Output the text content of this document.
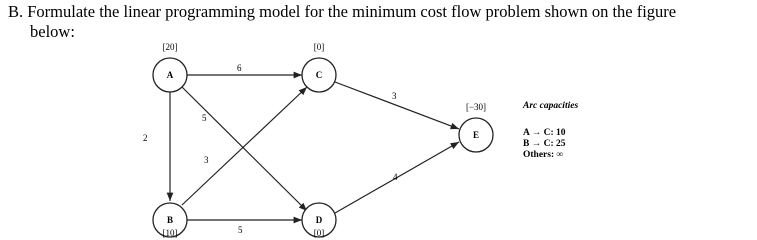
B. Formulate the linear programming model for the minimum cost flow problem shown on the figure
below:
6
2
5
3
5
3
4
A
[20]
B
[10]
C
[0]
D
[0]
E
[−30]	Arc capacities
A → C: 10
B → C: 25
Others: ∞
